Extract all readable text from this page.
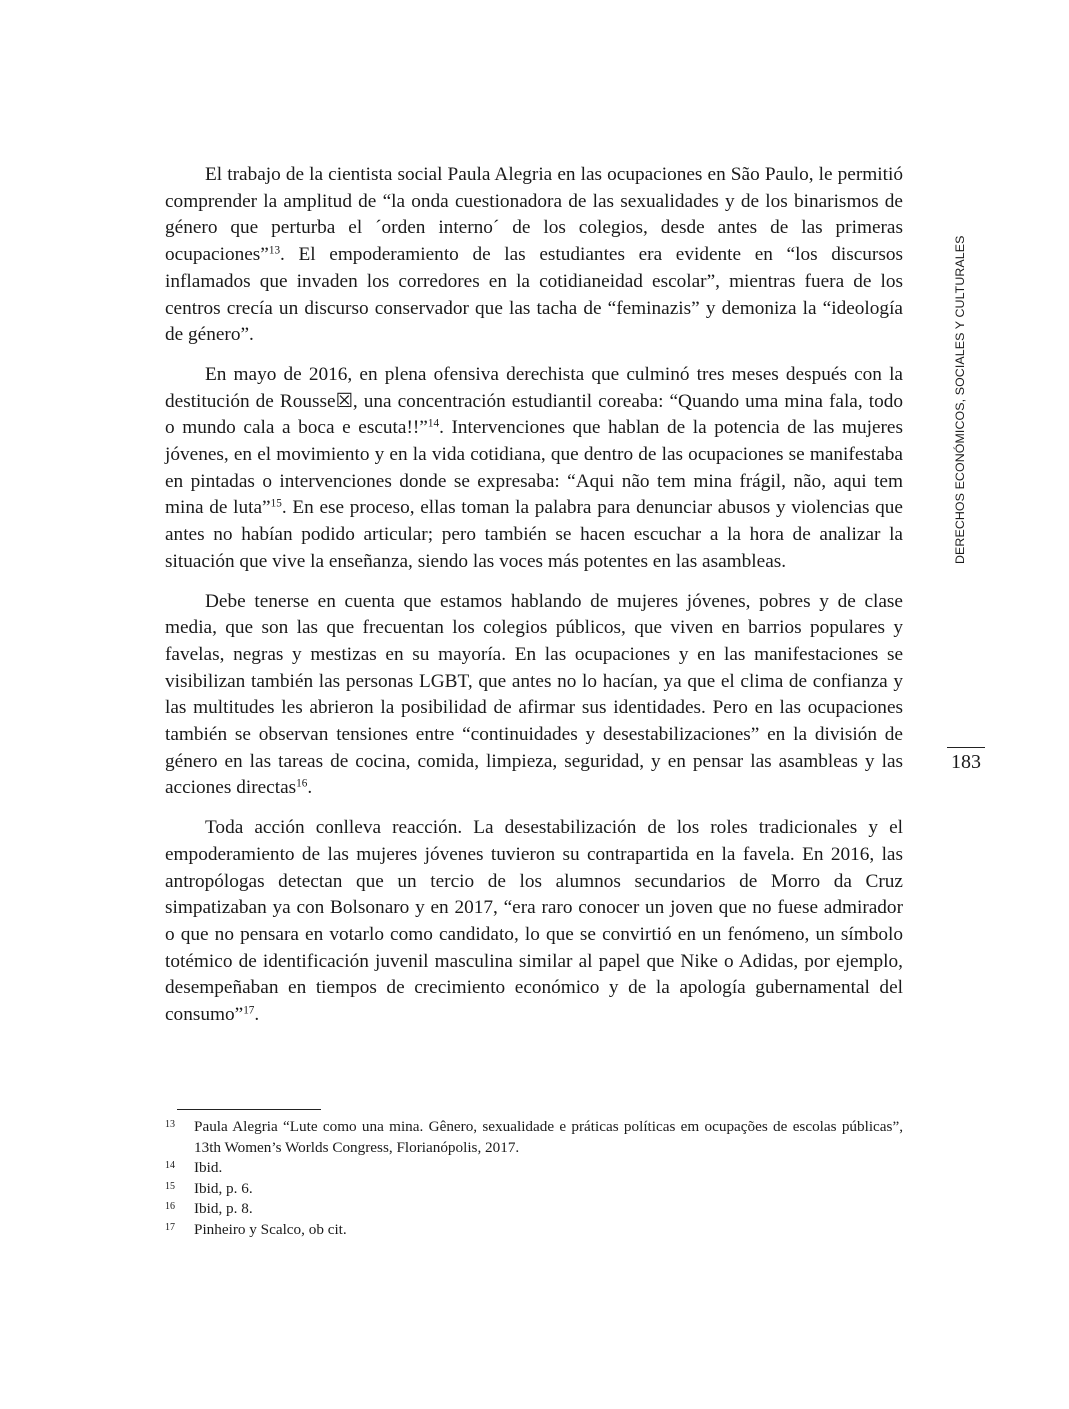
DERECHOS ECONÓMICOS, SOCIALES Y CULTURALES
183

El trabajo de la cientista social Paula Alegria en las ocupaciones en São Paulo, le permitió comprender la amplitud de “la onda cuestionadora de las sexualidades y de los binarismos de género que perturba el ´orden interno´ de los colegios, desde antes de las primeras ocupaciones”$^{13}$. El empoderamiento de las estudiantes era evidente en “los discursos inflamados que invaden los corredores en la cotidianeidad escolar”, mientras fuera de los centros crecía un discurso conservador que las tacha de “feminazis” y demoniza la “ideología de género”.

En mayo de 2016, en plena ofensiva derechista que culminó tres meses después con la destitución de Rousse☒, una concentración estudiantil coreaba: “Quando uma mina fala, todo o mundo cala a boca e escuta!!”$^{14}$. Intervenciones que hablan de la potencia de las mujeres jóvenes, en el movimiento y en la vida cotidiana, que dentro de las ocupaciones se manifestaba en pintadas o intervenciones donde se expresaba: “Aqui não tem mina frágil, não, aqui tem mina de luta”$^{15}$. En ese proceso, ellas toman la palabra para denunciar abusos y violencias que antes no habían podido articular; pero también se hacen escuchar a la hora de analizar la situación que vive la enseñanza, siendo las voces más potentes en las asambleas.

Debe tenerse en cuenta que estamos hablando de mujeres jóvenes, pobres y de clase media, que son las que frecuentan los colegios públicos, que viven en barrios populares y favelas, negras y mestizas en su mayoría. En las ocupaciones y en las manifestaciones se visibilizan también las personas LGBT, que antes no lo hacían, ya que el clima de confianza y las multitudes les abrieron la posibilidad de afirmar sus identidades. Pero en las ocupaciones también se observan tensiones entre “continuidades y desestabilizaciones” en la división de género en las tareas de cocina, comida, limpieza, seguridad, y en pensar las asambleas y las acciones directas$^{16}$.

Toda acción conlleva reacción. La desestabilización de los roles tradicionales y el empoderamiento de las mujeres jóvenes tuvieron su contrapartida en la favela. En 2016, las antropólogas detectan que un tercio de los alumnos secundarios de Morro da Cruz simpatizaban ya con Bolsonaro y en 2017, “era raro conocer un joven que no fuese admirador o que no pensara en votarlo como candidato, lo que se convirtió en un fenómeno, un símbolo totémico de identificación juvenil masculina similar al papel que Nike o Adidas, por ejemplo, desempeñaban en tiempos de crecimiento económico y de la apología gubernamental del consumo”$^{17}$.

13 Paula Alegria “Lute como una mina. Gênero, sexualidade e práticas políticas em ocupações de escolas públicas”, 13th Women’s Worlds Congress, Florianópolis, 2017.

14 Ibid.

15 Ibid, p. 6.

16 Ibid, p. 8.

17 Pinheiro y Scalco, ob cit.
